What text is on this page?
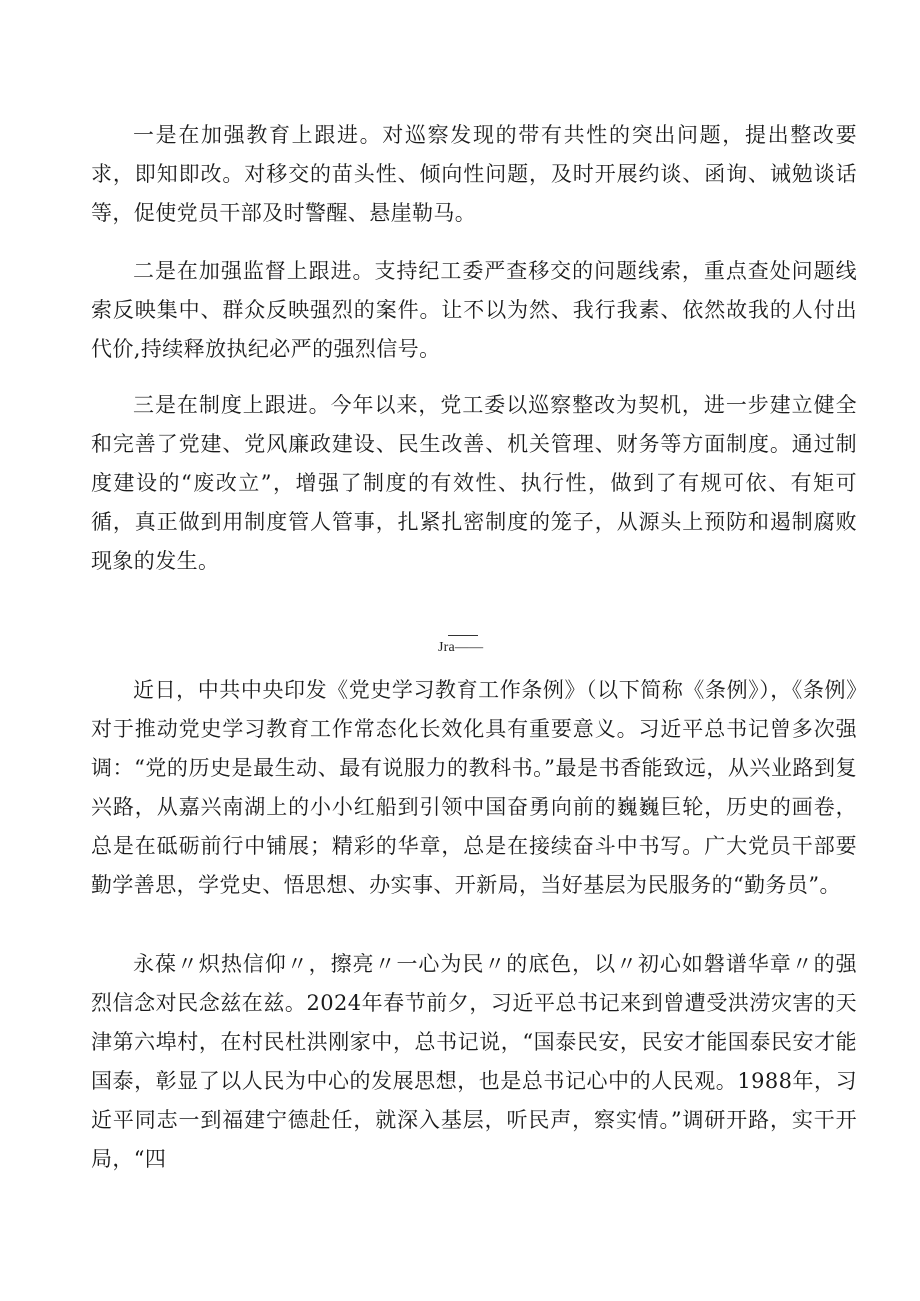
一是在加强教育上跟进。对巡察发现的带有共性的突出问题，提出整改要求，即知即改。对移交的苗头性、倾向性问题，及时开展约谈、函询、诫勉谈话等，促使党员干部及时警醒、悬崖勒马。

二是在加强监督上跟进。支持纪工委严查移交的问题线索，重点查处问题线索反映集中、群众反映强烈的案件。让不以为然、我行我素、依然故我的人付出代价,持续释放执纪必严的强烈信号。

三是在制度上跟进。今年以来，党工委以巡察整改为契机，进一步建立健全和完善了党建、党风廉政建设、民生改善、机关管理、财务等方面制度。通过制度建设的“废改立”，增强了制度的有效性、执行性，做到了有规可依、有矩可循，真正做到用制度管人管事，扎紧扎密制度的笼子，从源头上预防和遏制腐败现象的发生。

Jra——

近日，中共中央印发《党史学习教育工作条例》（以下简称《条例》），《条例》对于推动党史学习教育工作常态化长效化具有重要意义。习近平总书记曾多次强调：“党的历史是最生动、最有说服力的教科书。”最是书香能致远，从兴业路到复兴路，从嘉兴南湖上的小小红船到引领中国奋勇向前的巍巍巨轮，历史的画卷，总是在砥砺前行中铺展；精彩的华章，总是在接续奋斗中书写。广大党员干部要勤学善思，学党史、悟思想、办实事、开新局，当好基层为民服务的“勤务员”。

永葆〃炽热信仰〃，擦亮〃一心为民〃的底色，以〃初心如磐谱华章〃的强烈信念对民念兹在兹。2024年春节前夕，习近平总书记来到曾遭受洪涝灾害的天津第六埠村，在村民杜洪刚家中，总书记说，“国泰民安，民安才能国泰民安才能国泰，彰显了以人民为中心的发展思想，也是总书记心中的人民观。1988年，习近平同志一到福建宁德赴任，就深入基层，听民声，察实情。”调研开路，实干开局，“四
